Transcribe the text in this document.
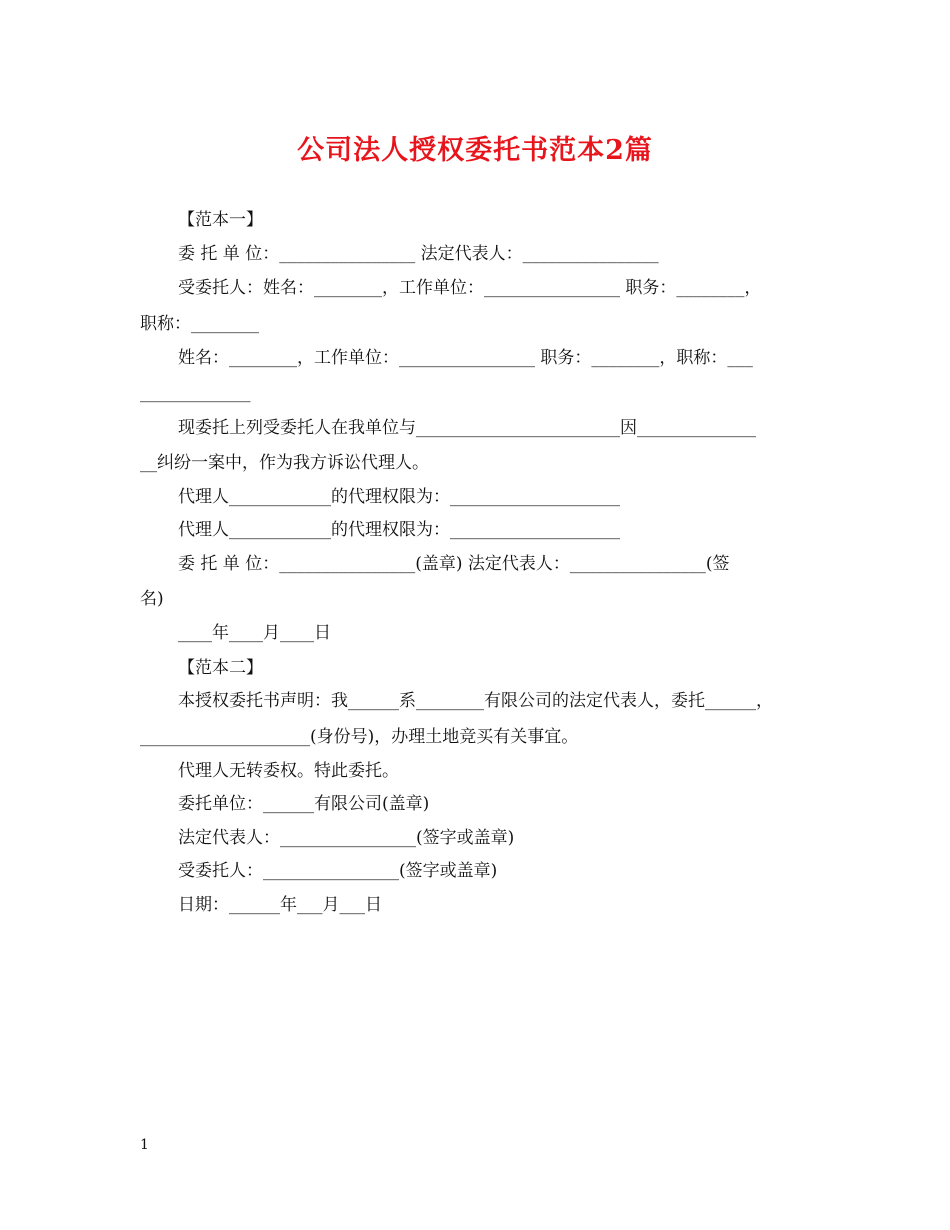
公司法人授权委托书范本2篇
【范本一】
委 托 单 位：________________ 法定代表人：________________
受委托人：姓名：________，工作单位：________________ 职务：________，
职称：________
姓名：________，工作单位：________________ 职务：________，职称：___
_____________
现委托上列受委托人在我单位与________________________因______________
__纠纷一案中，作为我方诉讼代理人。
代理人____________的代理权限为：____________________
代理人____________的代理权限为：____________________
委 托 单 位：________________(盖章) 法定代表人：________________(签
名)
____年____月____日
【范本二】
本授权委托书声明：我______系________有限公司的法定代表人，委托______，
____________________(身份号)，办理土地竞买有关事宜。
代理人无转委权。特此委托。
委托单位：______有限公司(盖章)
法定代表人：________________(签字或盖章)
受委托人：________________(签字或盖章)
日期：______年___月___日
1
